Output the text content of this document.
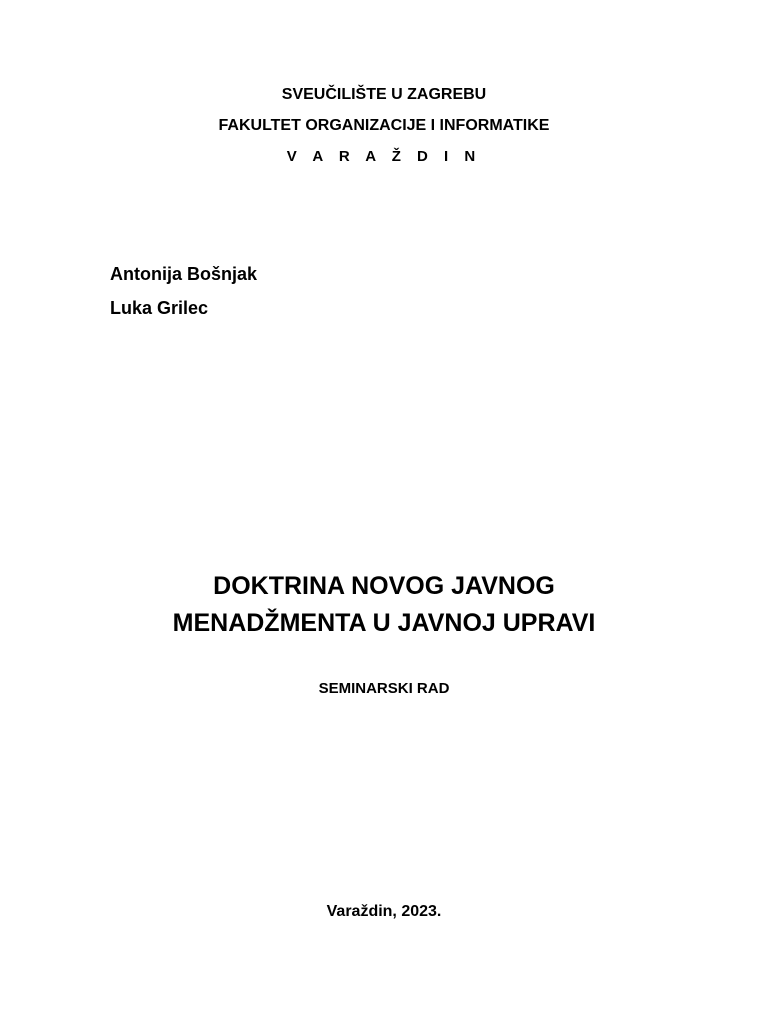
SVEUČILIŠTE U ZAGREBU
FAKULTET ORGANIZACIJE I INFORMATIKE
V A R A Ž D I N
Antonija Bošnjak
Luka Grilec
DOKTRINA NOVOG JAVNOG
MENADŽMENTA U JAVNOJ UPRAVI
SEMINARSKI RAD
Varaždin, 2023.
